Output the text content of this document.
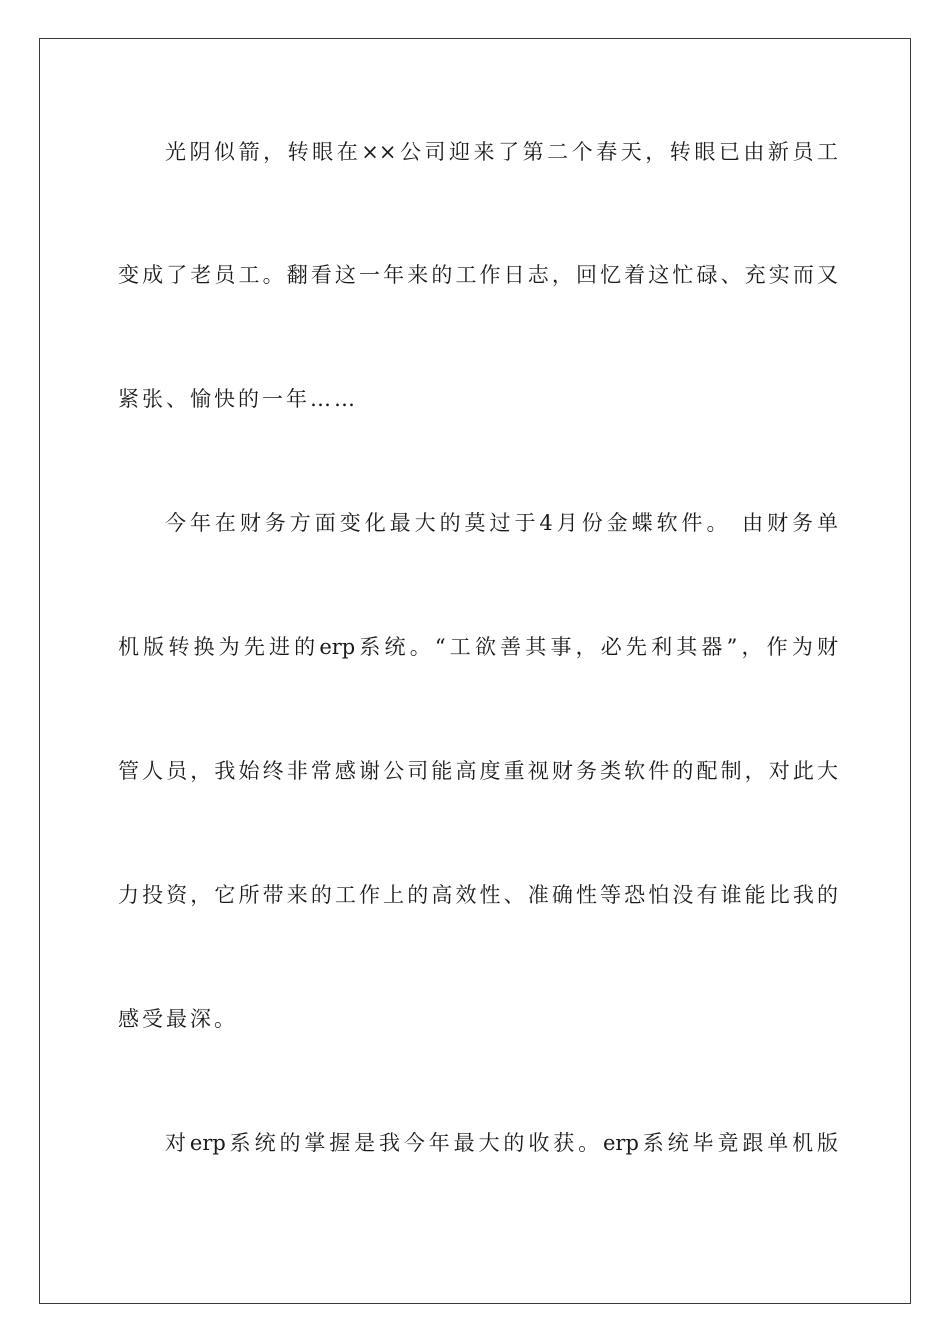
光阴似箭，转眼在××公司迎来了第二个春天，转眼已由新员工
变成了老员工。翻看这一年来的工作日志，回忆着这忙碌、充实而又
紧张、愉快的一年……
今年在财务方面变化最大的莫过于4月份金蝶软件。 由财务单
机版转换为先进的erp系统。“工欲善其事，必先利其器”，作为财
管人员，我始终非常感谢公司能高度重视财务类软件的配制，对此大
力投资，它所带来的工作上的高效性、准确性等恐怕没有谁能比我的
感受最深。
对erp系统的掌握是我今年最大的收获。erp系统毕竟跟单机版
